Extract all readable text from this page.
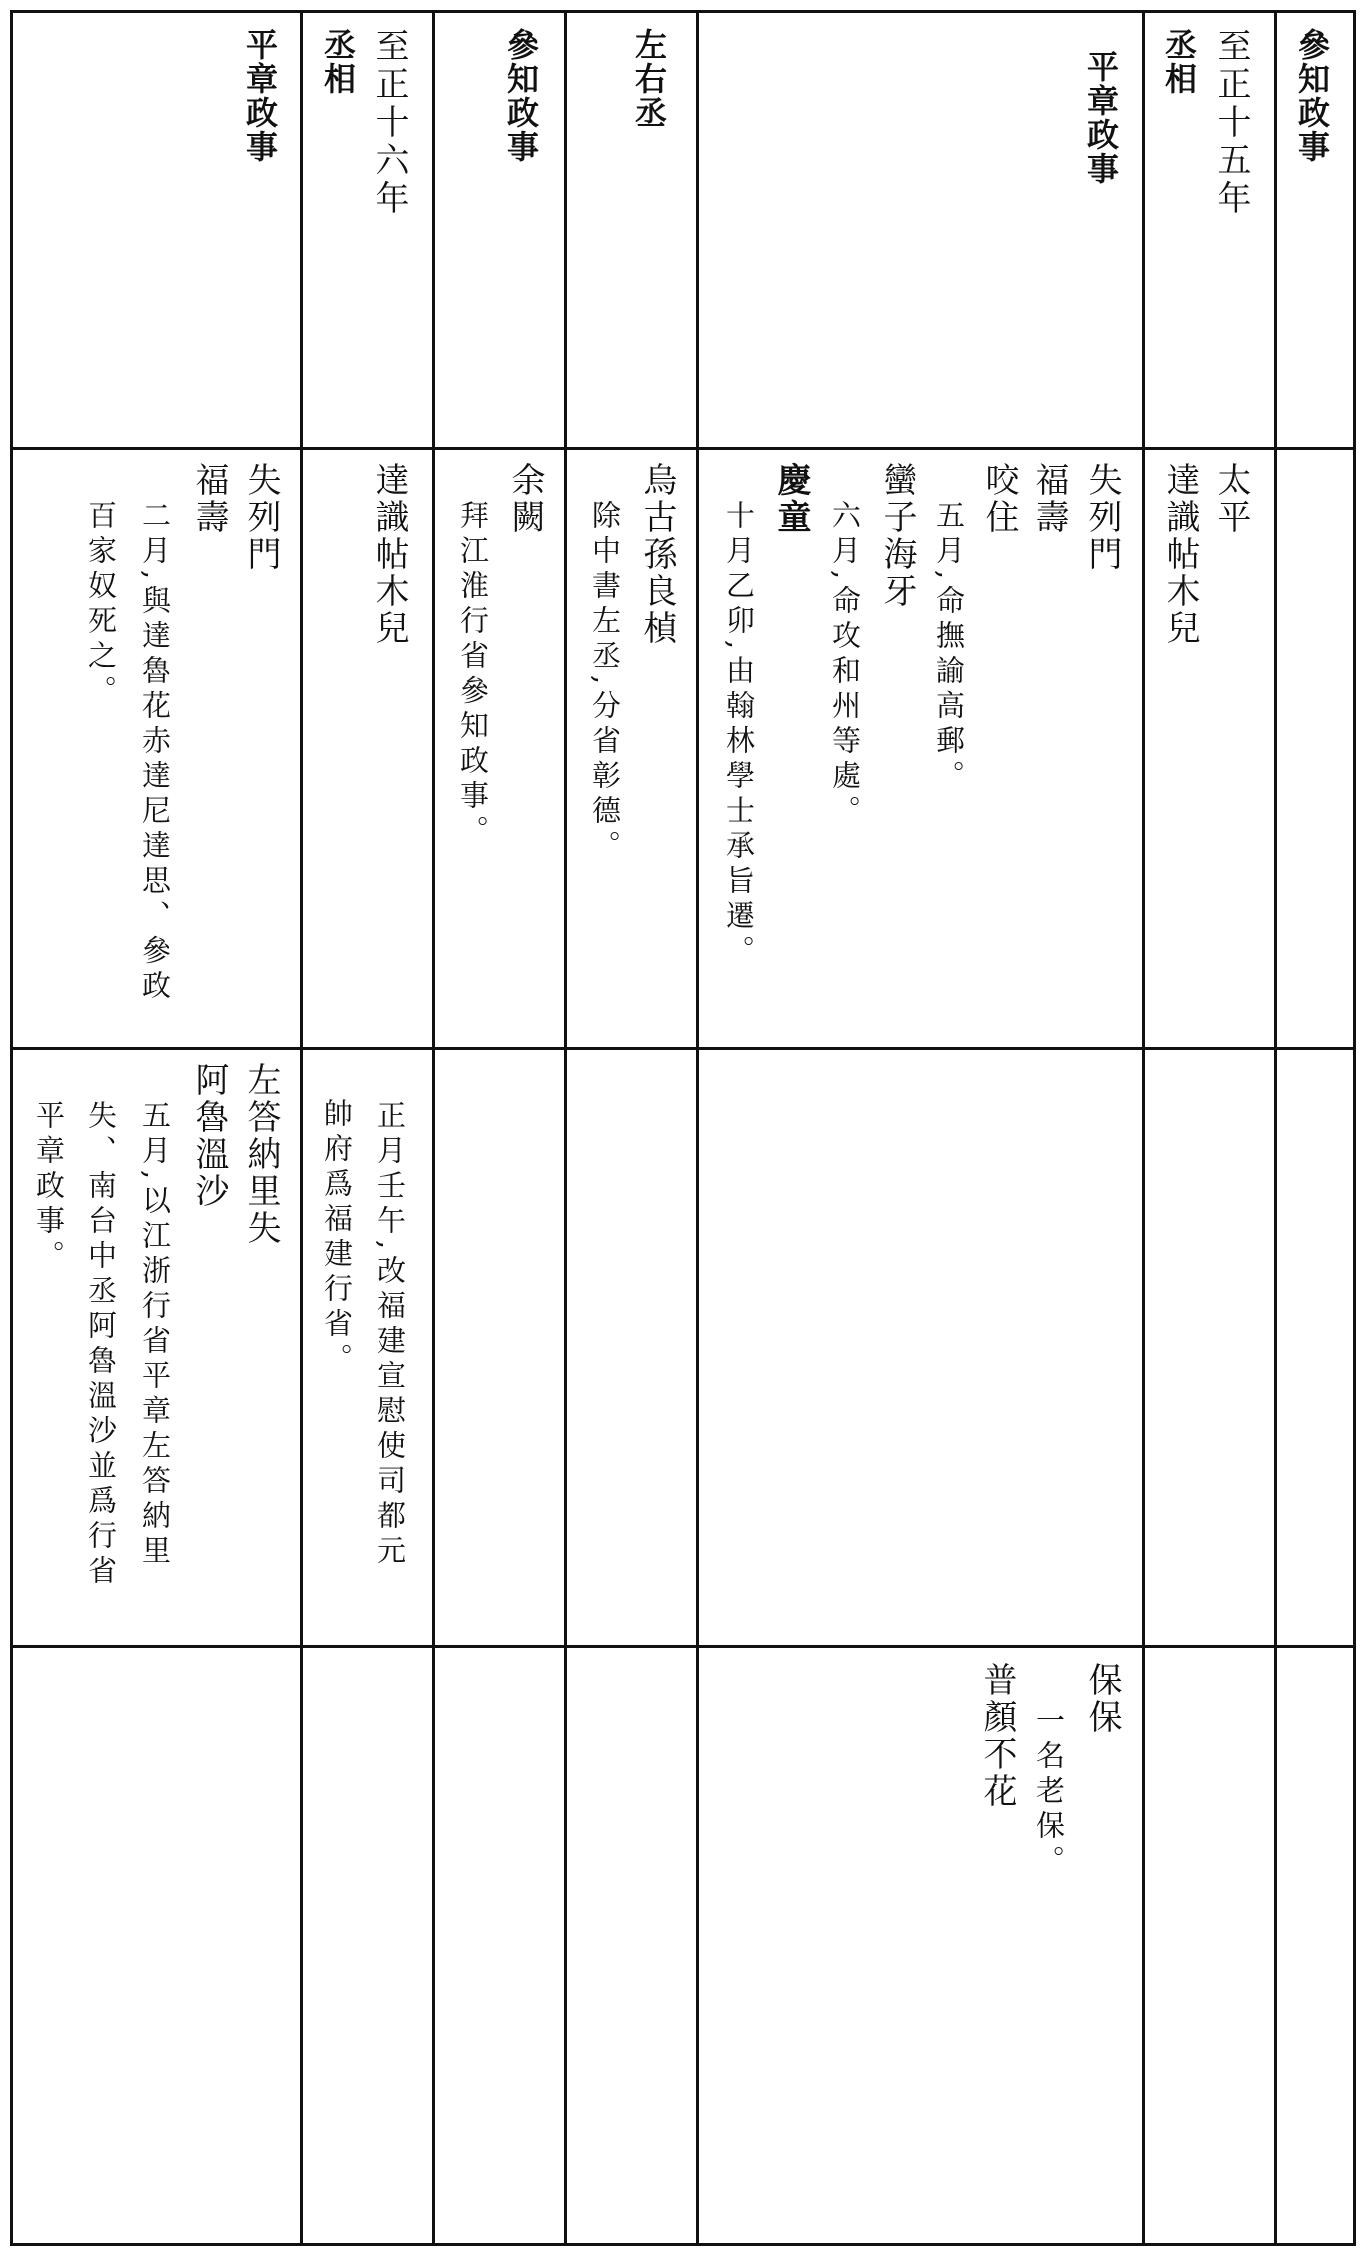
參知政事

至正十五年

丞相

平章政事

太平

達識帖木兒

失列門

福壽

咬住

五月,命撫諭高郵。

蠻子海牙

六月,命攻和州等處。

慶童

十月乙卯,由翰林學士承旨遷。

保保

一名老保。

普顏不花

左右丞

參知政事

至正十六年

丞相

平章政事

烏古孫良楨

除中書左丞,分省彰德。

余闕

拜江淮行省參知政事。

達識帖木兒

正月壬午,改福建宣慰使司都元

帥府爲福建行省。

失列門

福壽

二月,與達魯花赤達尼達思、參政

百家奴死之。

左答納里失

阿魯溫沙

五月,以江浙行省平章左答納里

失、南台中丞阿魯溫沙並爲行省

平章政事。
